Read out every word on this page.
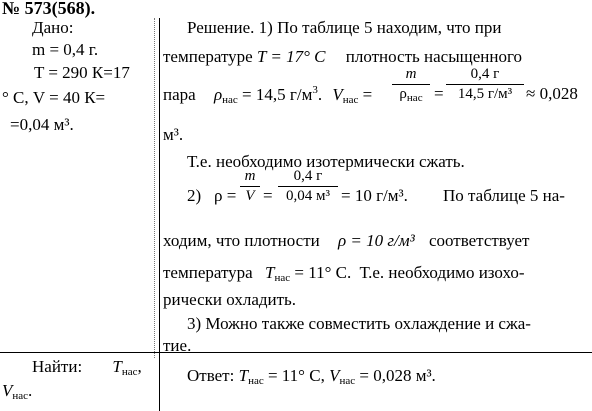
№ 573(568).
Дано:
m = 0,4 г.
T = 290 К=17
° С, V = 40 К=
=0,04 м³.
Найти: $T_{нас}$,
$V_{нас}$.
Решение. 1) По таблице 5 находим, что при
температуре T = 17° С плотность насыщенного
пара $\rho_{нас} = 14,5$ $г/м^3$. $V_{нас}$ =
m
$\rho_{нас}$ =
0,4 г
14,5 г/м³ ≈ 0,028
м³.
Т.е. необходимо изотермически сжать.
2) ρ =
m
V =
0,4 г
0,04 м³ = 10 г/м³. По таблице 5 на-
ходим, что плотности ρ = 10 г/м³ соответствует
температура $T_{нас} = 11^\circ$ С. Т.е. необходимо изохо-
рически охладить.
3) Можно также совместить охлаждение и сжа-
тие.
Ответ: $T_{нас} = 11^\circ$ С, $V_{нас} = 0,028$ м³.
